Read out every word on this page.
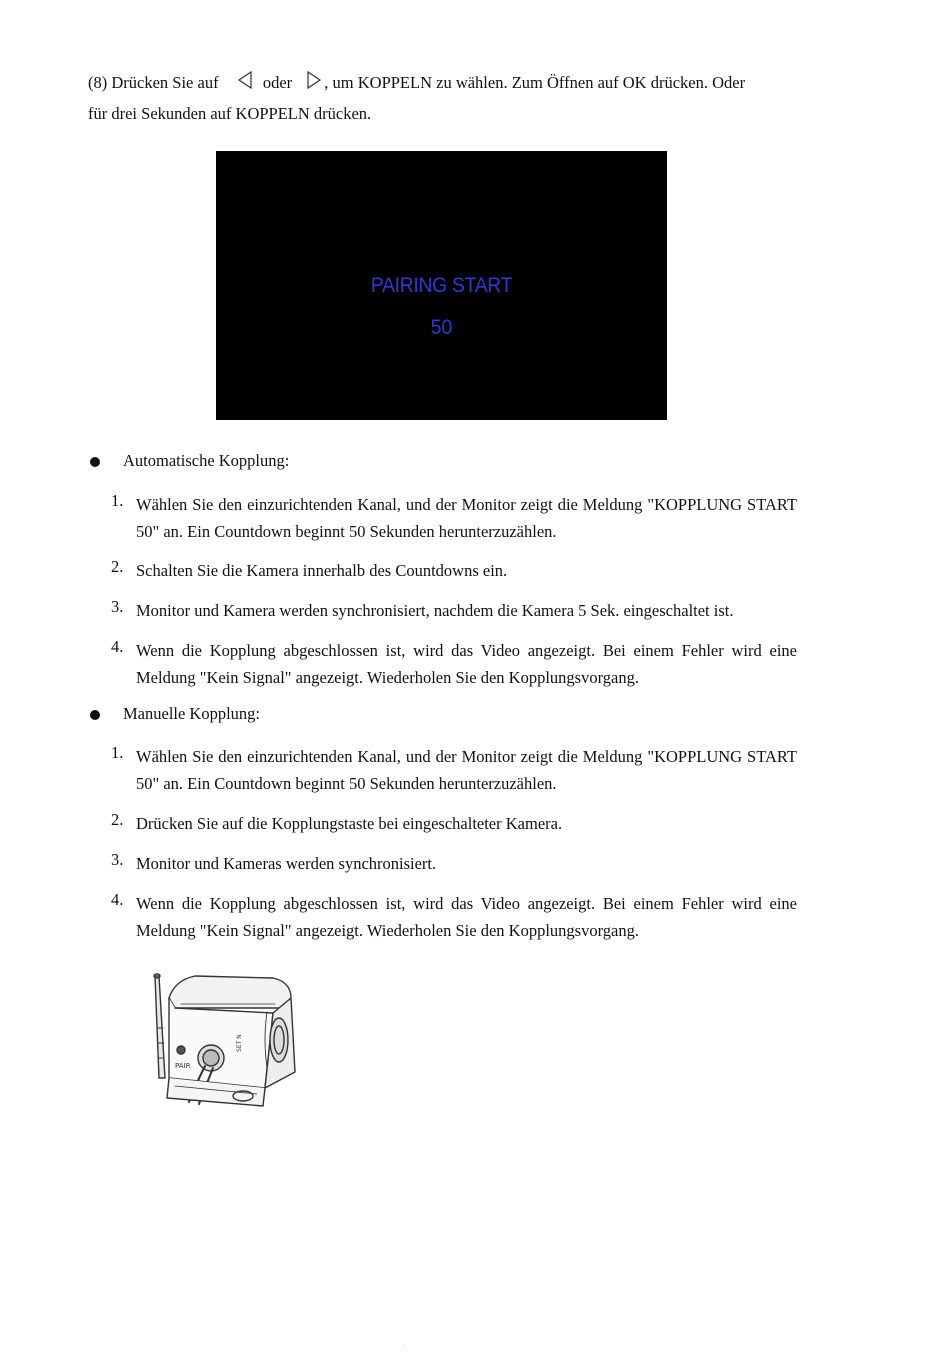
(8) Drücken Sie auf	oder , um KOPPELN zu wählen. Zum Öffnen auf OK drücken. Oder
für drei Sekunden auf KOPPELN drücken.
PAIRING START
50
Automatische Kopplung:
1. Wählen Sie den einzurichtenden Kanal, und der Monitor zeigt die Meldung "KOPPLUNG START 50" an. Ein Countdown beginnt 50 Sekunden herunterzuzählen.
2. Schalten Sie die Kamera innerhalb des Countdowns ein.
3. Monitor und Kamera werden synchronisiert, nachdem die Kamera 5 Sek. eingeschaltet ist.
4. Wenn die Kopplung abgeschlossen ist, wird das Video angezeigt. Bei einem Fehler wird eine Meldung "Kein Signal" angezeigt. Wiederholen Sie den Kopplungsvorgang.
Manuelle Kopplung:
1. Wählen Sie den einzurichtenden Kanal, und der Monitor zeigt die Meldung "KOPPLUNG START 50" an. Ein Countdown beginnt 50 Sekunden herunterzuzählen.
2. Drücken Sie auf die Kopplungstaste bei eingeschalteter Kamera.
3. Monitor und Kameras werden synchronisiert.
4. Wenn die Kopplung abgeschlossen ist, wird das Video angezeigt. Bei einem Fehler wird eine Meldung "Kein Signal" angezeigt. Wiederholen Sie den Kopplungsvorgang.
PAIR
SET N
·
